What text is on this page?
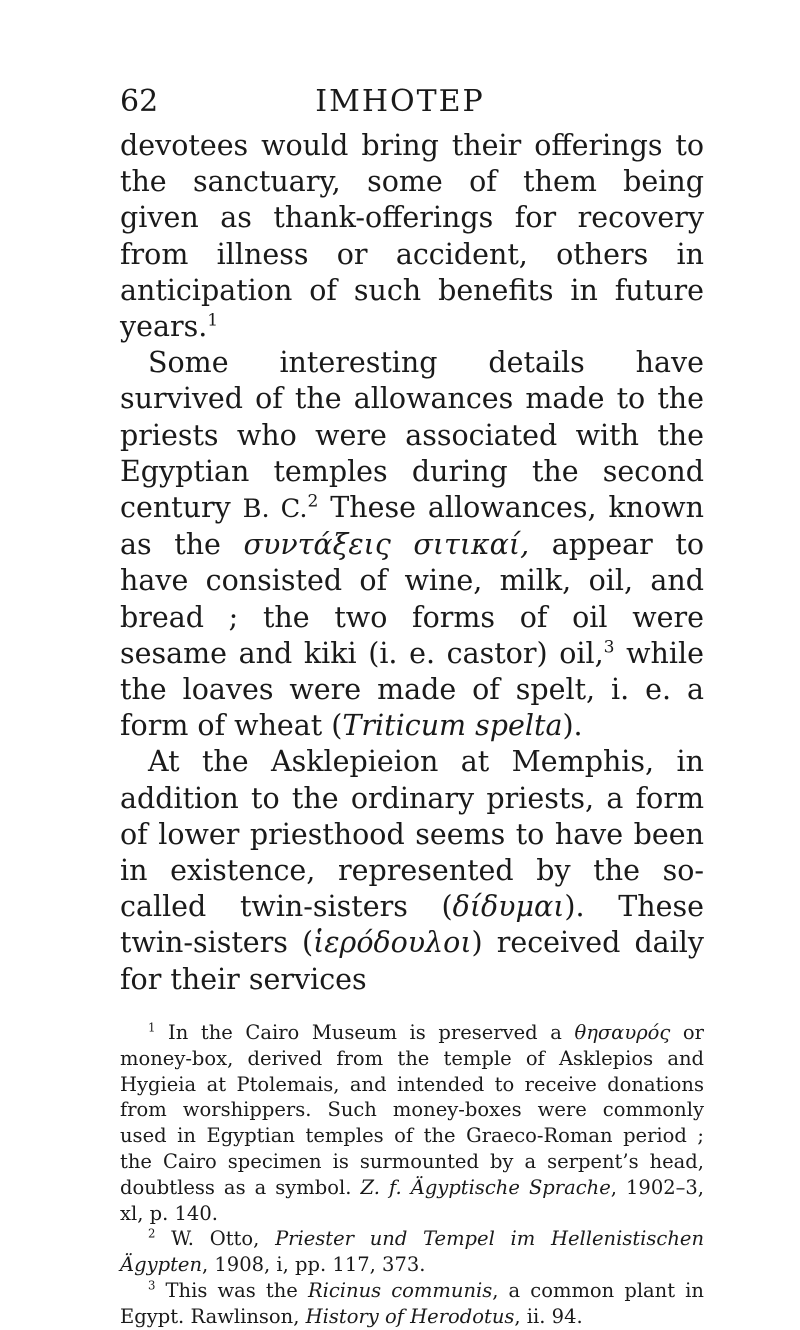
62	IMHOTEP

devotees would bring their offerings to the sanctuary, some of them being given as thank-offerings for recovery from illness or accident, others in anticipation of such benefits in future years.$^1$

Some interesting details have survived of the allowances made to the priests who were associated with the Egyptian temples during the second century B. C.$^2$ These allowances, known as the συντάξεις σιτικαί, appear to have consisted of wine, milk, oil, and bread ; the two forms of oil were sesame and kiki (i. e. castor) oil,$^3$ while the loaves were made of spelt, i. e. a form of wheat (Triticum spelta).

At the Asklepieion at Memphis, in addition to the ordinary priests, a form of lower priesthood seems to have been in existence, represented by the so-called twin-sisters (δίδυμαι). These twin-sisters (ἱερόδουλοι) received daily for their services

$^1$ In the Cairo Museum is preserved a θησαυρός or money-box, derived from the temple of Asklepios and Hygieia at Ptolemais, and intended to receive donations from worshippers. Such money-boxes were commonly used in Egyptian temples of the Graeco-Roman period ; the Cairo specimen is surmounted by a serpent’s head, doubtless as a symbol. Z. f. Ägyptische Sprache, 1902–3, xl, p. 140.

$^2$ W. Otto, Priester und Tempel im Hellenistischen Ägypten, 1908, i, pp. 117, 373.

$^3$ This was the Ricinus communis, a common plant in Egypt. Rawlinson, History of Herodotus, ii. 94.
